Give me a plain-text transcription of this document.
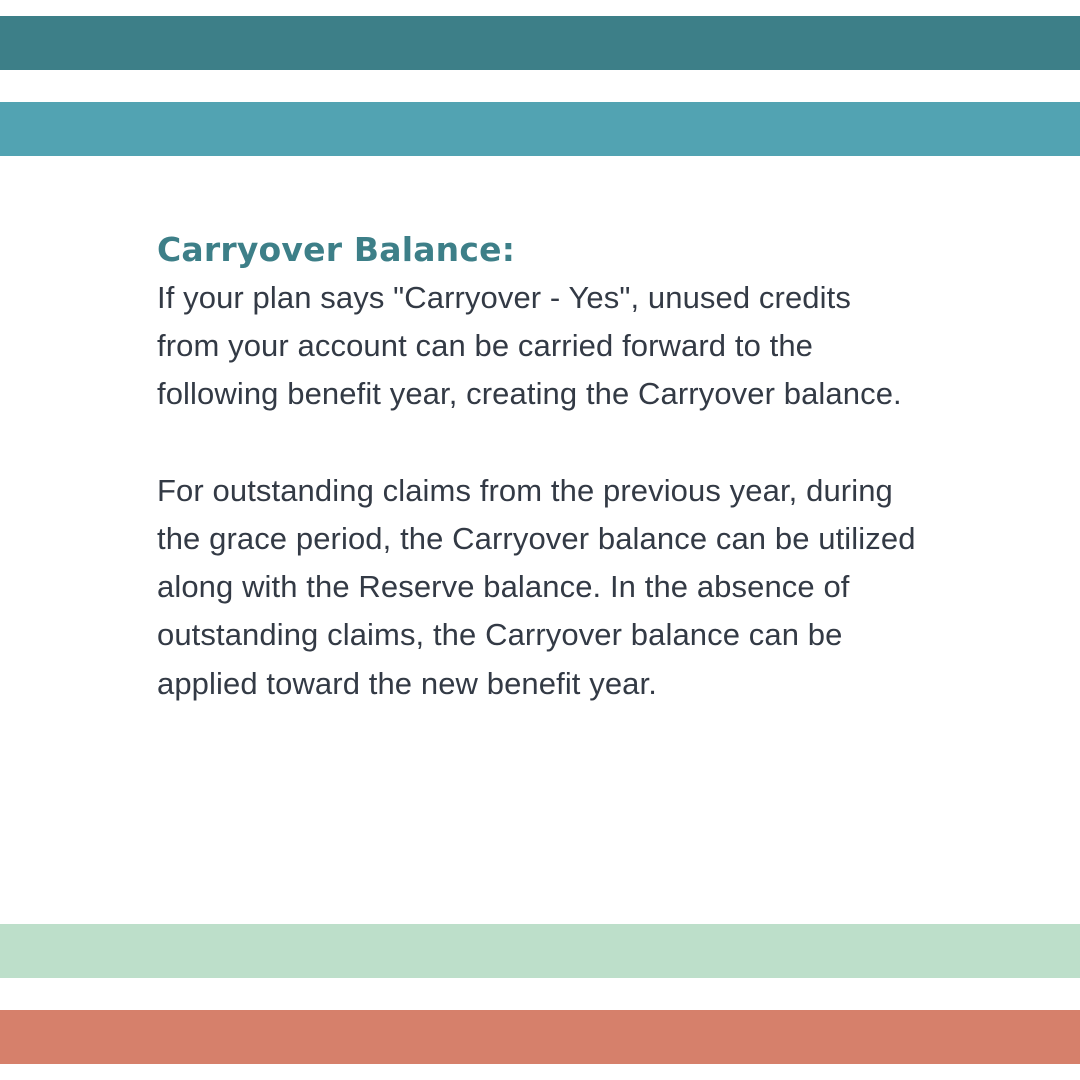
Carryover Balance:

If your plan says "Carryover - Yes", unused credits from your account can be carried forward to the following benefit year, creating the Carryover balance.

For outstanding claims from the previous year, during the grace period, the Carryover balance can be utilized along with the Reserve balance. In the absence of outstanding claims, the Carryover balance can be applied toward the new benefit year.
